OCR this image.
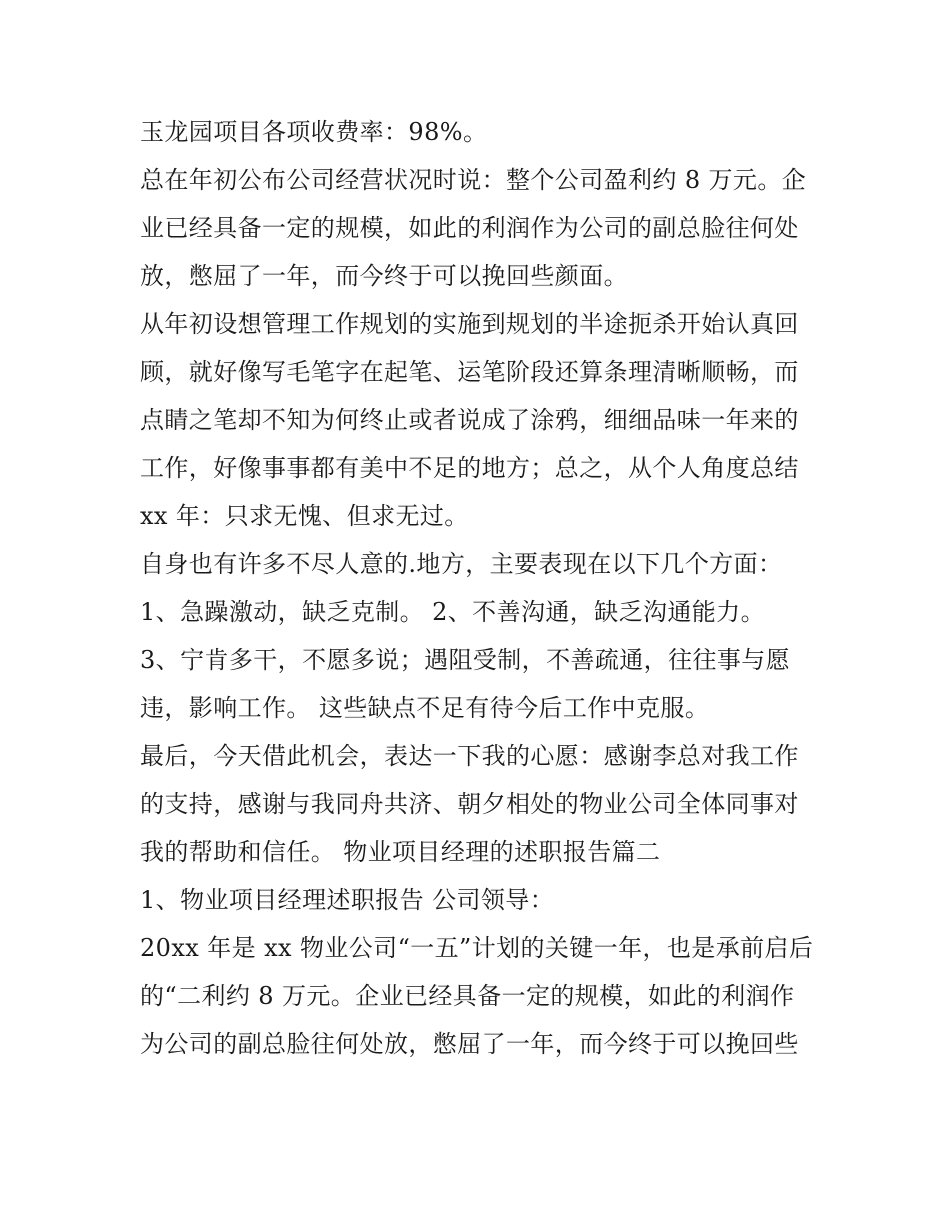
玉龙园项目各项收费率：98%。
总在年初公布公司经营状况时说：整个公司盈利约 8 万元。企
业已经具备一定的规模，如此的利润作为公司的副总脸往何处
放，憋屈了一年，而今终于可以挽回些颜面。
从年初设想管理工作规划的实施到规划的半途扼杀开始认真回
顾，就好像写毛笔字在起笔、运笔阶段还算条理清晰顺畅，而
点睛之笔却不知为何终止或者说成了涂鸦，细细品味一年来的
工作，好像事事都有美中不足的地方；总之，从个人角度总结
xx 年：只求无愧、但求无过。
自身也有许多不尽人意的.地方，主要表现在以下几个方面：
1、急躁激动，缺乏克制。 2、不善沟通，缺乏沟通能力。
3、宁肯多干，不愿多说；遇阻受制，不善疏通，往往事与愿
违，影响工作。 这些缺点不足有待今后工作中克服。
最后，今天借此机会，表达一下我的心愿：感谢李总对我工作
的支持，感谢与我同舟共济、朝夕相处的物业公司全体同事对
我的帮助和信任。 物业项目经理的述职报告篇二
1、物业项目经理述职报告 公司领导：
20xx 年是 xx 物业公司“一五”计划的关键一年，也是承前启后
的“二利约 8 万元。企业已经具备一定的规模，如此的利润作
为公司的副总脸往何处放，憋屈了一年，而今终于可以挽回些
